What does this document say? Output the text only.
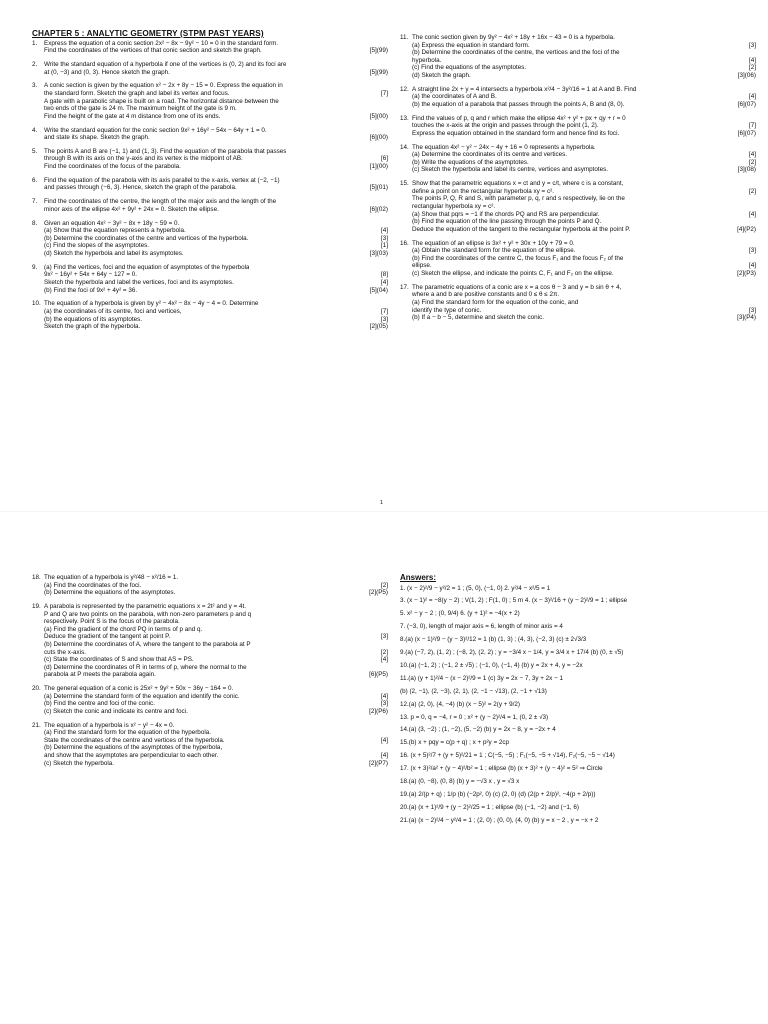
CHAPTER 5 : ANALYTIC GEOMETRY (STPM PAST YEARS)
1.	Express the equation of a conic section 2x² − 8x − 9y² − 10 = 0 in the standard form.
Find the coordinates of the vertices of that conic section and sketch the graph.	[5](99)
2.	Write the standard equation of a hyperbola if one of the vertices is (0, 2) and its foci are
at (0, −3) and (0, 3). Hence sketch the graph.	[5](99)
3.	A conic section is given by the equation x² − 2x + 8y − 15 = 0. Express the equation in
the standard form. Sketch the graph and label its vertex and focus.	[7]
A gate with a parabolic shape is built on a road. The horizontal distance between the
two ends of the gate is 24 m. The maximum height of the gate is 9 m.
Find the height of the gate at 4 m distance from one of its ends.	[5](00)
4.	Write the standard equation for the conic section 9x² + 16y² − 54x − 64y + 1 = 0.
and state its shape. Sketch the graph.	[6](00)
5.	The points A and B are (−1, 1) and (1, 3). Find the equation of the parabola that passes
through B with its axis on the y-axis and its vertex is the midpoint of AB.	[6]
Find the coordinates of the focus of the parabola.	[1](00)
6.	Find the equation of the parabola with its axis parallel to the x-axis, vertex at (−2, −1)
and passes through (−6, 3). Hence, sketch the graph of the parabola.	[5](01)
7.	Find the coordinates of the centre, the length of the major axis and the length of the
minor axis of the ellipse 4x² + 9y² + 24x = 0. Sketch the ellipse.	[6](02)
8.	Given an equation 4x² − 3y² − 8x + 18y − 59 = 0.
(a) Show that the equation represents a hyperbola.	[4]
(b) Determine the coordinates of the centre and vertices of the hyperbola.	[3]
(c) Find the slopes of the asymptotes.	[1]
(d) Sketch the hyperbola and label its asymptotes.	[3](03)
9.	(a) Find the vertices, foci and the equation of asymptotes of the hyperbola
9x² − 16y² + 54x + 64y − 127 = 0.	[8]
Sketch the hyperbola and label the vertices, foci and its asymptotes.	[4]
(b) Find the foci of 9x² + 4y² = 36.	[5](04)
10. The equation of a hyperbola is given by y² − 4x² − 8x − 4y − 4 = 0. Determine
(a) the coordinates of its centre, foci and vertices,	[7]
(b) the equations of its asymptotes.	[3]
Sketch the graph of the hyperbola.	[2](05)
11. The conic section given by 9y² − 4x² + 18y + 16x − 43 = 0 is a hyperbola.
(a) Express the equation in standard form.	[3]
(b) Determine the coordinates of the centre, the vertices and the foci of the
hyperbola.	[4]
(c) Find the equations of the asymptotes.	[2]
(d) Sketch the graph.	[3](06)
12. A straight line 2x + y = 4 intersects a hyperbola x²/4 − 3y²/16 = 1 at A and B. Find
(a) the coordinates of A and B.	[4]
(b) the equation of a parabola that passes through the points A, B and (8, 0).	[6](07)
13. Find the values of p, q and r which make the ellipse 4x² + y² + px + qy + r = 0
touches the x-axis at the origin and passes through the point (1, 2).	[7]
Express the equation obtained in the standard form and hence find its foci.	[6](07)
14. The equation 4x² − y² − 24x − 4y + 16 = 0 represents a hyperbola.
(a) Determine the coordinates of its centre and vertices.	[4]
(b) Write the equations of the asymptotes.	[2]
(c) Sketch the hyperbola and label its centre, vertices and asymptotes.	[3](08)
15. Show that the parametric equations x = ct and y = c/t, where c is a constant,
define a point on the rectangular hyperbola xy = c².	[2]
The points P, Q, R and S, with parameter p, q, r and s respectively, lie on the
rectangular hyperbola xy = c².
(a) Show that pqrs = −1 if the chords PQ and RS are perpendicular.	[4]
(b) Find the equation of the line passing through the points P and Q.
Deduce the equation of the tangent to the rectangular hyperbola at the point P.	[4](P2)
16. The equation of an ellipse is 3x² + y² + 30x + 10y + 79 = 0.
(a) Obtain the standard form for the equation of the ellipse.	[3]
(b) Find the coordinates of the centre C, the focus F₁ and the focus F₂ of the
ellipse.	[4]
(c) Sketch the ellipse, and indicate the points C, F₁ and F₂ on the ellipse.	[2](P3)
17. The parametric equations of a conic are x = a cos θ − 3 and y = b sin θ + 4,
where a and b are positive constants and 0 ≤ θ ≤ 2π.
(a) Find the standard form for the equation of the conic, and
identify the type of conic.	[3]
(b) If a − b − 5, determine and sketch the conic.	[3](P4)
1
18. The equation of a hyperbola is y²/48 − x²/16 = 1.
(a) Find the coordinates of the foci.	[2]
(b) Determine the equations of the asymptotes.	[2](P5)
19. A parabola is represented by the parametric equations x = 2t² and y = 4t.
P and Q are two points on the parabola, with non-zero parameters p and q
respectively. Point S is the focus of the parabola.
(a) Find the gradient of the chord PQ in terms of p and q.
Deduce the gradient of the tangent at point P.	[3]
(b) Determine the coordinates of A, where the tangent to the parabola at P
cuts the x-axis.	[2]
(c) State the coordinates of S and show that AS = PS.	[4]
(d) Determine the coordinates of R in terms of p, where the normal to the
parabola at P meets the parabola again.	[6](P5)
20. The general equation of a conic is 25x² + 9y² + 50x − 36y − 164 = 0.
(a) Determine the standard form of the equation and identify the conic.	[4]
(b) Find the centre and foci of the conic.	[3]
(c) Sketch the conic and indicate its centre and foci.	[2](P6)
21. The equation of a hyperbola is x² − y² − 4x = 0.
(a) Find the standard form for the equation of the hyperbola.
State the coordinates of the centre and vertices of the hyperbola.	[4]
(b) Determine the equations of the asymptotes of the hyperbola,
and show that the asymptotes are perpendicular to each other.	[4]
(c) Sketch the hyperbola.	[2](P7)
Answers:
1. (x − 2)²/9 − y²/2 = 1 ; (5, 0), (−1, 0) 2. y²/4 − x²/5 = 1
3. (x − 1)² = −8(y − 2) ; V(1, 2) ; F(1, 0) ; 5 m 4. (x − 3)²/16 + (y − 2)²/9 = 1 ; ellipse
5. x² − y − 2 ; (0, 9/4) 6. (y + 1)² = −4(x + 2)
7. (−3, 0), length of major axis = 6, length of minor axis = 4
8.(a) (x − 1)²/9 − (y − 3)²/12 = 1 (b) (1, 3) ; (4, 3), (−2, 3) (c) ± 2√3/3
9.(a) (−7, 2), (1, 2) ; (−8, 2), (2, 2) ; y = −3/4 x − 1/4, y = 3/4 x + 17/4 (b) (0, ± √5)
10.(a) (−1, 2) ; (−1, 2 ± √5) ; (−1, 0), (−1, 4) (b) y = 2x + 4, y = −2x
11.(a) (y + 1)²/4 − (x − 2)²/9 = 1 (c) 3y = 2x − 7, 3y + 2x − 1
(b) (2, −1), (2, −3), (2, 1), (2, −1 − √13), (2, −1 + √13)
12.(a) (2, 0), (4, −4) (b) (x − 5)² = 2(y + 9/2)
13. p = 0, q = −4, r = 0 ; x² + (y − 2)²/4 = 1, (0, 2 ± √3)
14.(a) (3, −2) ; (1, −2), (5, −2) (b) y = 2x − 8, y = −2x + 4
15.(b) x + pqy = c(p + q) ; x + p²y = 2cp
16. (x + 5)²/7 + (y + 5)²/21 = 1 ; C(−5, −5) ; F₁(−5, −5 + √14), F₂(−5, −5 − √14)
17. (x + 3)²/a² + (y − 4)²/b² = 1 ; ellipse (b) (x + 3)² + (y − 4)² = 5² ⇒ Circle
18.(a) (0, −8), (0, 8) (b) y = −√3 x , y = √3 x
19.(a) 2/(p + q) ; 1/p (b) (−2p², 0) (c) (2, 0) (d) (2(p + 2/p)², −4(p + 2/p))
20.(a) (x + 1)²/9 + (y − 2)²/25 = 1 ; ellipse (b) (−1, −2) and (−1, 6)
21.(a) (x − 2)²/4 − y²/4 = 1 ; (2, 0) ; (0, 0), (4, 0) (b) y = x − 2 , y = −x + 2
